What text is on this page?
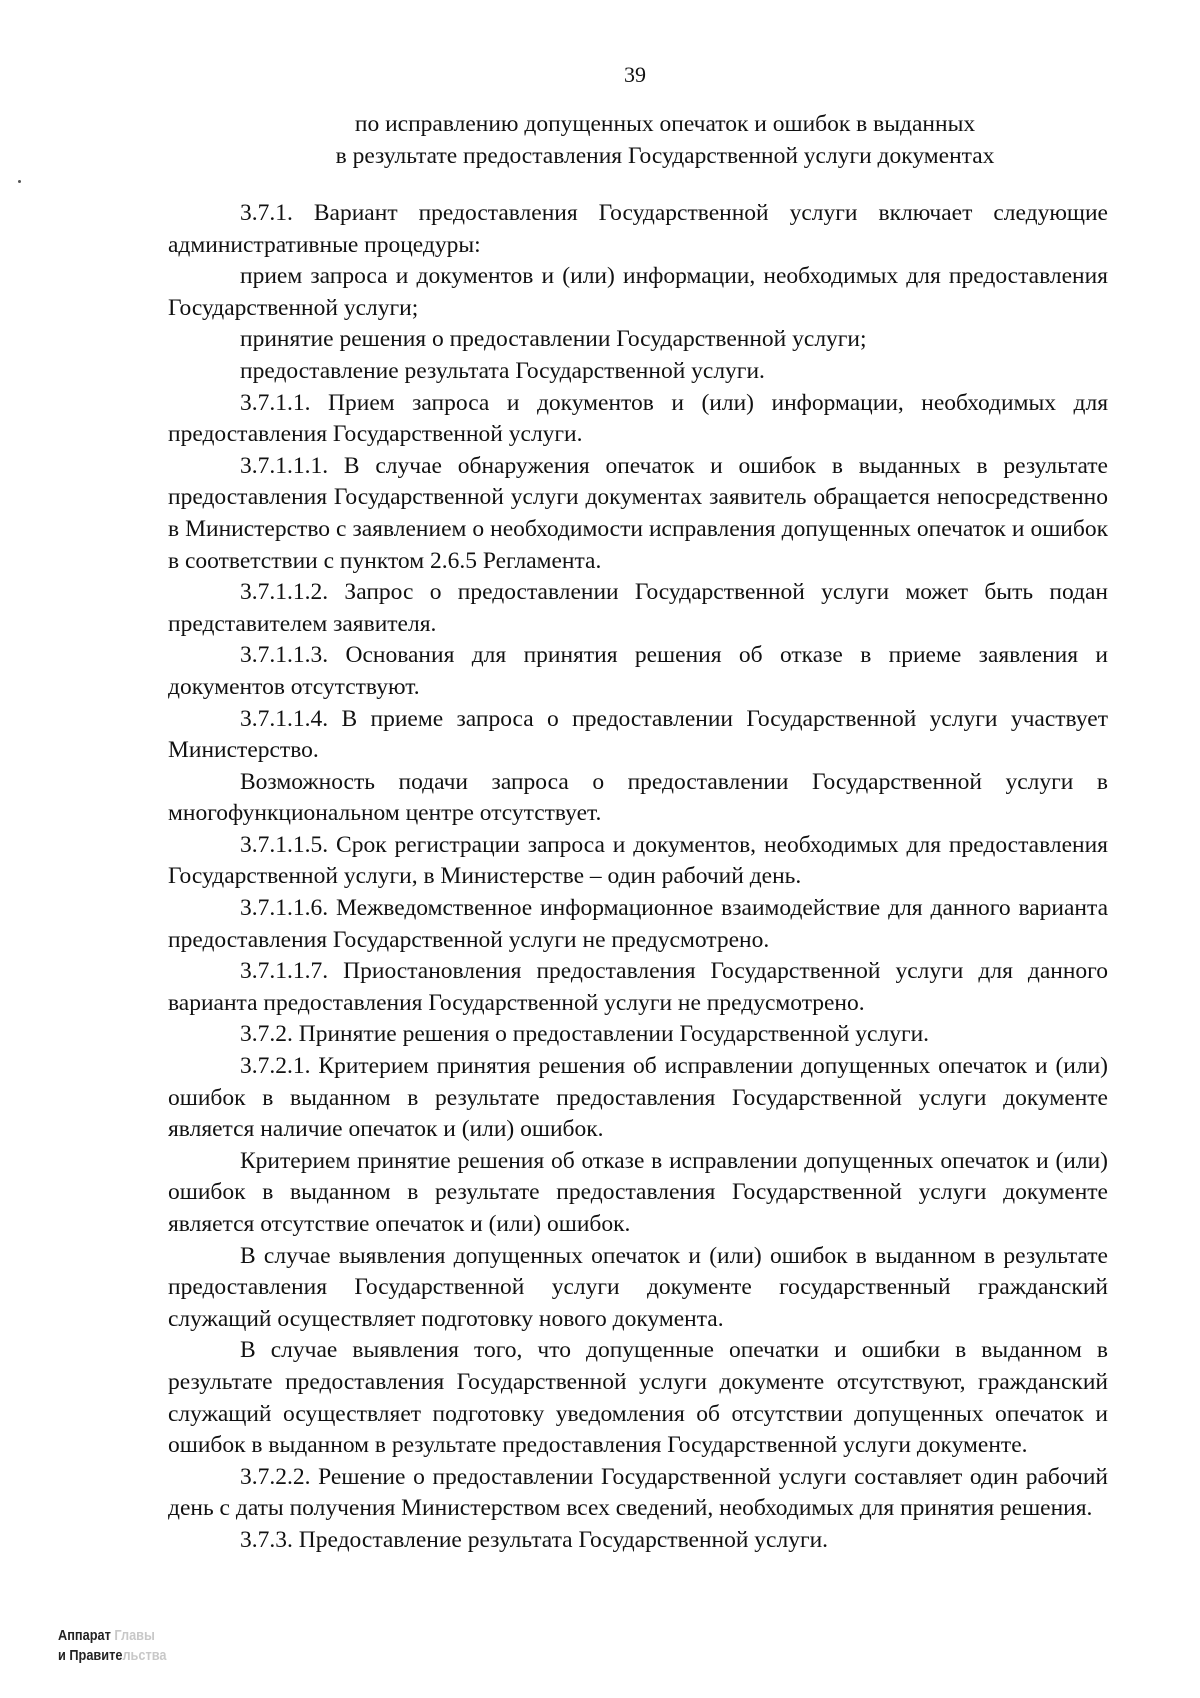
39
по исправлению допущенных опечаток и ошибок в выданных
в результате предоставления Государственной услуги документах

3.7.1. Вариант предоставления Государственной услуги включает следующие административные процедуры:

прием запроса и документов и (или) информации, необходимых для предоставления Государственной услуги;

принятие решения о предоставлении Государственной услуги;

предоставление результата Государственной услуги.

3.7.1.1. Прием запроса и документов и (или) информации, необходимых для предоставления Государственной услуги.

3.7.1.1.1. В случае обнаружения опечаток и ошибок в выданных в результате предоставления Государственной услуги документах заявитель обращается непосредственно в Министерство с заявлением о необходимости исправления допущенных опечаток и ошибок в соответствии с пунктом 2.6.5 Регламента.

3.7.1.1.2. Запрос о предоставлении Государственной услуги может быть подан представителем заявителя.

3.7.1.1.3. Основания для принятия решения об отказе в приеме заявления и документов отсутствуют.

3.7.1.1.4. В приеме запроса о предоставлении Государственной услуги участвует Министерство.

Возможность подачи запроса о предоставлении Государственной услуги в многофункциональном центре отсутствует.

3.7.1.1.5. Срок регистрации запроса и документов, необходимых для предоставления Государственной услуги, в Министерстве – один рабочий день.

3.7.1.1.6. Межведомственное информационное взаимодействие для данного варианта предоставления Государственной услуги не предусмотрено.

3.7.1.1.7. Приостановления предоставления Государственной услуги для данного варианта предоставления Государственной услуги не предусмотрено.

3.7.2. Принятие решения о предоставлении Государственной услуги.

3.7.2.1. Критерием принятия решения об исправлении допущенных опечаток и (или) ошибок в выданном в результате предоставления Государственной услуги документе является наличие опечаток и (или) ошибок.

Критерием принятие решения об отказе в исправлении допущенных опечаток и (или) ошибок в выданном в результате предоставления Государственной услуги документе является отсутствие опечаток и (или) ошибок.

В случае выявления допущенных опечаток и (или) ошибок в выданном в результате предоставления Государственной услуги документе государственный гражданский служащий осуществляет подготовку нового документа.

В случае выявления того, что допущенные опечатки и ошибки в выданном в результате предоставления Государственной услуги документе отсутствуют, гражданский служащий осуществляет подготовку уведомления об отсутствии допущенных опечаток и ошибок в выданном в результате предоставления Государственной услуги документе.

3.7.2.2. Решение о предоставлении Государственной услуги составляет один рабочий день с даты получения Министерством всех сведений, необходимых для принятия решения.

3.7.3. Предоставление результата Государственной услуги.

Аппарат Главы
и Правительства
